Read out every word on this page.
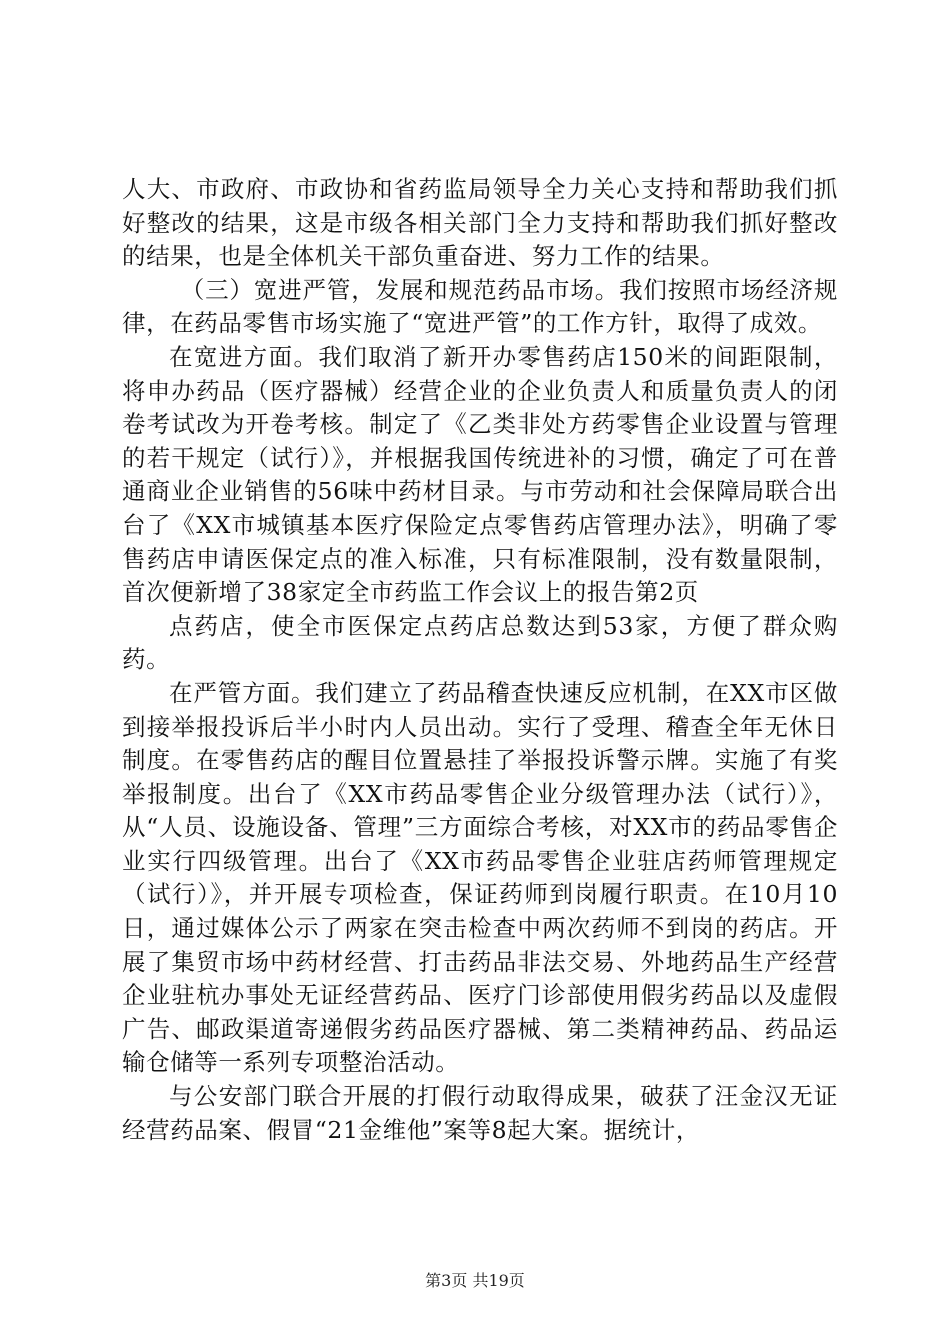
人大、市政府、市政协和省药监局领导全力关心支持和帮助我们抓好整改的结果，这是市级各相关部门全力支持和帮助我们抓好整改的结果，也是全体机关干部负重奋进、努力工作的结果。

（三）宽进严管，发展和规范药品市场。我们按照市场经济规律，在药品零售市场实施了“宽进严管”的工作方针，取得了成效。

在宽进方面。我们取消了新开办零售药店150米的间距限制，将申办药品（医疗器械）经营企业的企业负责人和质量负责人的闭卷考试改为开卷考核。制定了《乙类非处方药零售企业设置与管理的若干规定（试行）》，并根据我国传统进补的习惯，确定了可在普通商业企业销售的56味中药材目录。与市劳动和社会保障局联合出台了《XX市城镇基本医疗保险定点零售药店管理办法》，明确了零售药店申请医保定点的准入标准，只有标准限制，没有数量限制，首次便新增了38家定全市药监工作会议上的报告第2页

点药店，使全市医保定点药店总数达到53家，方便了群众购药。

在严管方面。我们建立了药品稽查快速反应机制，在XX市区做到接举报投诉后半小时内人员出动。实行了受理、稽查全年无休日制度。在零售药店的醒目位置悬挂了举报投诉警示牌。实施了有奖举报制度。出台了《XX市药品零售企业分级管理办法（试行）》，从“人员、设施设备、管理”三方面综合考核，对XX市的药品零售企业实行四级管理。出台了《XX市药品零售企业驻店药师管理规定（试行）》，并开展专项检查，保证药师到岗履行职责。在10月10日，通过媒体公示了两家在突击检查中两次药师不到岗的药店。开展了集贸市场中药材经营、打击药品非法交易、外地药品生产经营企业驻杭办事处无证经营药品、医疗门诊部使用假劣药品以及虚假广告、邮政渠道寄递假劣药品医疗器械、第二类精神药品、药品运输仓储等一系列专项整治活动。

与公安部门联合开展的打假行动取得成果，破获了汪金汉无证经营药品案、假冒“21金维他”案等8起大案。据统计，

第3页 共19页
